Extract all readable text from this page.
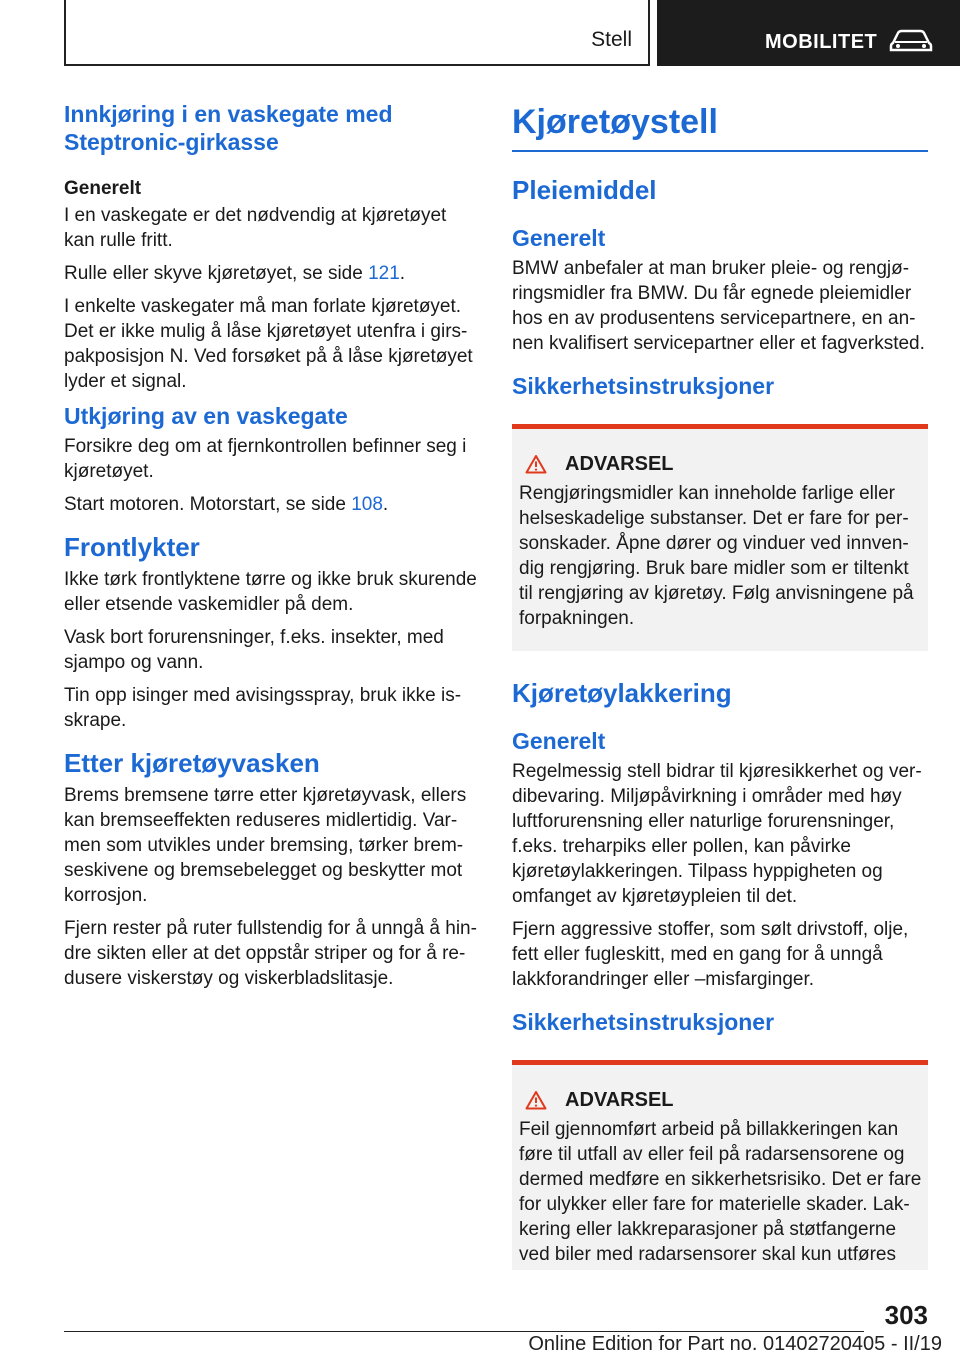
Stell	MOBILITET
Innkjøring i en vaskegate med Steptronic-girkasse
Generelt

I en vaskegate er det nødvendig at kjøretøyet kan rulle fritt.

Rulle eller skyve kjøretøyet, se side 121.

I enkelte vaskegater må man forlate kjøretøyet. Det er ikke mulig å låse kjøretøyet utenfra i girspakposisjon N. Ved forsøket på å låse kjøretøyet lyder et signal.

Utkjøring av en vaskegate

Forsikre deg om at fjernkontrollen befinner seg i kjøretøyet.

Start motoren. Motorstart, se side 108.

Frontlykter

Ikke tørk frontlyktene tørre og ikke bruk skurende eller etsende vaskemidler på dem.

Vask bort forurensninger, f.eks. insekter, med sjampo og vann.

Tin opp isinger med avisingsspray, bruk ikke isskrape.

Etter kjøretøyvasken

Brems bremsene tørre etter kjøretøyvask, ellers kan bremseeffekten reduseres midlertidig. Varmen som utvikles under bremsing, tørker bremseskivene og bremsebelegget og beskytter mot korrosjon.

Fjern rester på ruter fullstendig for å unngå å hindre sikten eller at det oppstår striper og for å redusere viskerstøy og viskerbladslitasje.

Kjøretøystell
Pleiemiddel
Generelt

BMW anbefaler at man bruker pleie- og rengjøringsmidler fra BMW. Du får egnede pleiemidler hos en av produsentens servicepartnere, en annen kvalifisert servicepartner eller et fagverksted.

Sikkerhetsinstruksjoner
ADVARSEL

Rengjøringsmidler kan inneholde farlige eller helseskadelige substanser. Det er fare for personskader. Åpne dører og vinduer ved innvendig rengjøring. Bruk bare midler som er tiltenkt til rengjøring av kjøretøy. Følg anvisningene på forpakningen.

Kjøretøylakkering
Generelt

Regelmessig stell bidrar til kjøresikkerhet og verdibevaring. Miljøpåvirkning i områder med høy luftforurensning eller naturlige forurensninger, f.eks. treharpiks eller pollen, kan påvirke kjøretøylakkeringen. Tilpass hyppigheten og omfanget av kjøretøypleien til det.

Fjern aggressive stoffer, som sølt drivstoff, olje, fett eller fugleskitt, med en gang for å unngå lakkforandringer eller –misfarginger.

Sikkerhetsinstruksjoner
ADVARSEL

Feil gjennomført arbeid på billakkeringen kan føre til utfall av eller feil på radarsensorene og dermed medføre en sikkerhetsrisiko. Det er fare for ulykker eller fare for materielle skader. Lakkering eller lakkreparasjoner på støtfangerne ved biler med radarsensorer skal kun utføres

303
Online Edition for Part no. 01402720405 - II/19
